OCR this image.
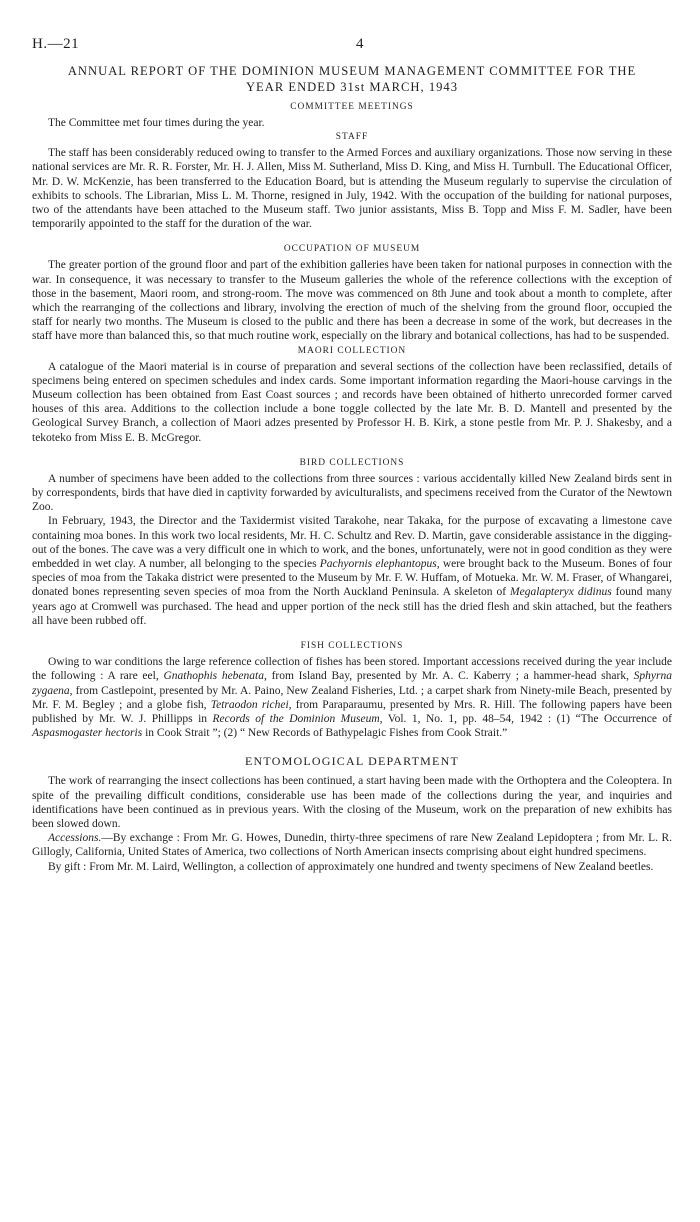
H.—21	4
ANNUAL REPORT OF THE DOMINION MUSEUM MANAGEMENT COMMITTEE FOR THE
YEAR ENDED 31st MARCH, 1943
COMMITTEE MEETINGS

The Committee met four times during the year.

STAFF

The staff has been considerably reduced owing to transfer to the Armed Forces and auxiliary organizations. Those now serving in these national services are Mr. R. R. Forster, Mr. H. J. Allen, Miss M. Sutherland, Miss D. King, and Miss H. Turnbull. The Educational Officer, Mr. D. W. McKenzie, has been transferred to the Education Board, but is attending the Museum regularly to supervise the circulation of exhibits to schools. The Librarian, Miss L. M. Thorne, resigned in July, 1942. With the occupation of the building for national purposes, two of the attendants have been attached to the Museum staff. Two junior assistants, Miss B. Topp and Miss F. M. Sadler, have been temporarily appointed to the staff for the duration of the war.

OCCUPATION OF MUSEUM

The greater portion of the ground floor and part of the exhibition galleries have been taken for national purposes in connection with the war. In consequence, it was necessary to transfer to the Museum galleries the whole of the reference collections with the exception of those in the basement, Maori room, and strong-room. The move was commenced on 8th June and took about a month to complete, after which the rearranging of the collections and library, involving the erection of much of the shelving from the ground floor, occupied the staff for nearly two months. The Museum is closed to the public and there has been a decrease in some of the work, but decreases in the staff have more than balanced this, so that much routine work, especially on the library and botanical collections, has had to be suspended.

MAORI COLLECTION

A catalogue of the Maori material is in course of preparation and several sections of the collection have been reclassified, details of specimens being entered on specimen schedules and index cards. Some important information regarding the Maori-house carvings in the Museum collection has been obtained from East Coast sources ; and records have been obtained of hitherto unrecorded former carved houses of this area. Additions to the collection include a bone toggle collected by the late Mr. B. D. Mantell and presented by the Geological Survey Branch, a collection of Maori adzes presented by Professor H. B. Kirk, a stone pestle from Mr. P. J. Shakesby, and a tekoteko from Miss E. B. McGregor.

BIRD COLLECTIONS

A number of specimens have been added to the collections from three sources : various accidentally killed New Zealand birds sent in by correspondents, birds that have died in captivity forwarded by aviculturalists, and specimens received from the Curator of the Newtown Zoo.

In February, 1943, the Director and the Taxidermist visited Tarakohe, near Takaka, for the purpose of excavating a limestone cave containing moa bones. In this work two local residents, Mr. H. C. Schultz and Rev. D. Martin, gave considerable assistance in the digging-out of the bones. The cave was a very difficult one in which to work, and the bones, unfortunately, were not in good condition as they were embedded in wet clay. A number, all belonging to the species Pachyornis elephantopus, were brought back to the Museum. Bones of four species of moa from the Takaka district were presented to the Museum by Mr. F. W. Huffam, of Motueka. Mr. W. M. Fraser, of Whangarei, donated bones representing seven species of moa from the North Auckland Peninsula. A skeleton of Megalapteryx didinus found many years ago at Cromwell was purchased. The head and upper portion of the neck still has the dried flesh and skin attached, but the feathers all have been rubbed off.

FISH COLLECTIONS

Owing to war conditions the large reference collection of fishes has been stored. Important accessions received during the year include the following : A rare eel, Gnathophis hebenata, from Island Bay, presented by Mr. A. C. Kaberry ; a hammer-head shark, Sphyrna zygaena, from Castlepoint, presented by Mr. A. Paino, New Zealand Fisheries, Ltd. ; a carpet shark from Ninety-mile Beach, presented by Mr. F. M. Begley ; and a globe fish, Tetraodon richei, from Paraparaumu, presented by Mrs. R. Hill. The following papers have been published by Mr. W. J. Phillipps in Records of the Dominion Museum, Vol. 1, No. 1, pp. 48–54, 1942 : (1) “The Occurrence of Aspasmogaster hectoris in Cook Strait ”; (2) “ New Records of Bathypelagic Fishes from Cook Strait.”

ENTOMOLOGICAL DEPARTMENT

The work of rearranging the insect collections has been continued, a start having been made with the Orthoptera and the Coleoptera. In spite of the prevailing difficult conditions, considerable use has been made of the collections during the year, and inquiries and identifications have been continued as in previous years. With the closing of the Museum, work on the preparation of new exhibits has been slowed down.

Accessions.—By exchange : From Mr. G. Howes, Dunedin, thirty-three specimens of rare New Zealand Lepidoptera ; from Mr. L. R. Gillogly, California, United States of America, two collections of North American insects comprising about eight hundred specimens.

By gift : From Mr. M. Laird, Wellington, a collection of approximately one hundred and twenty specimens of New Zealand beetles.
